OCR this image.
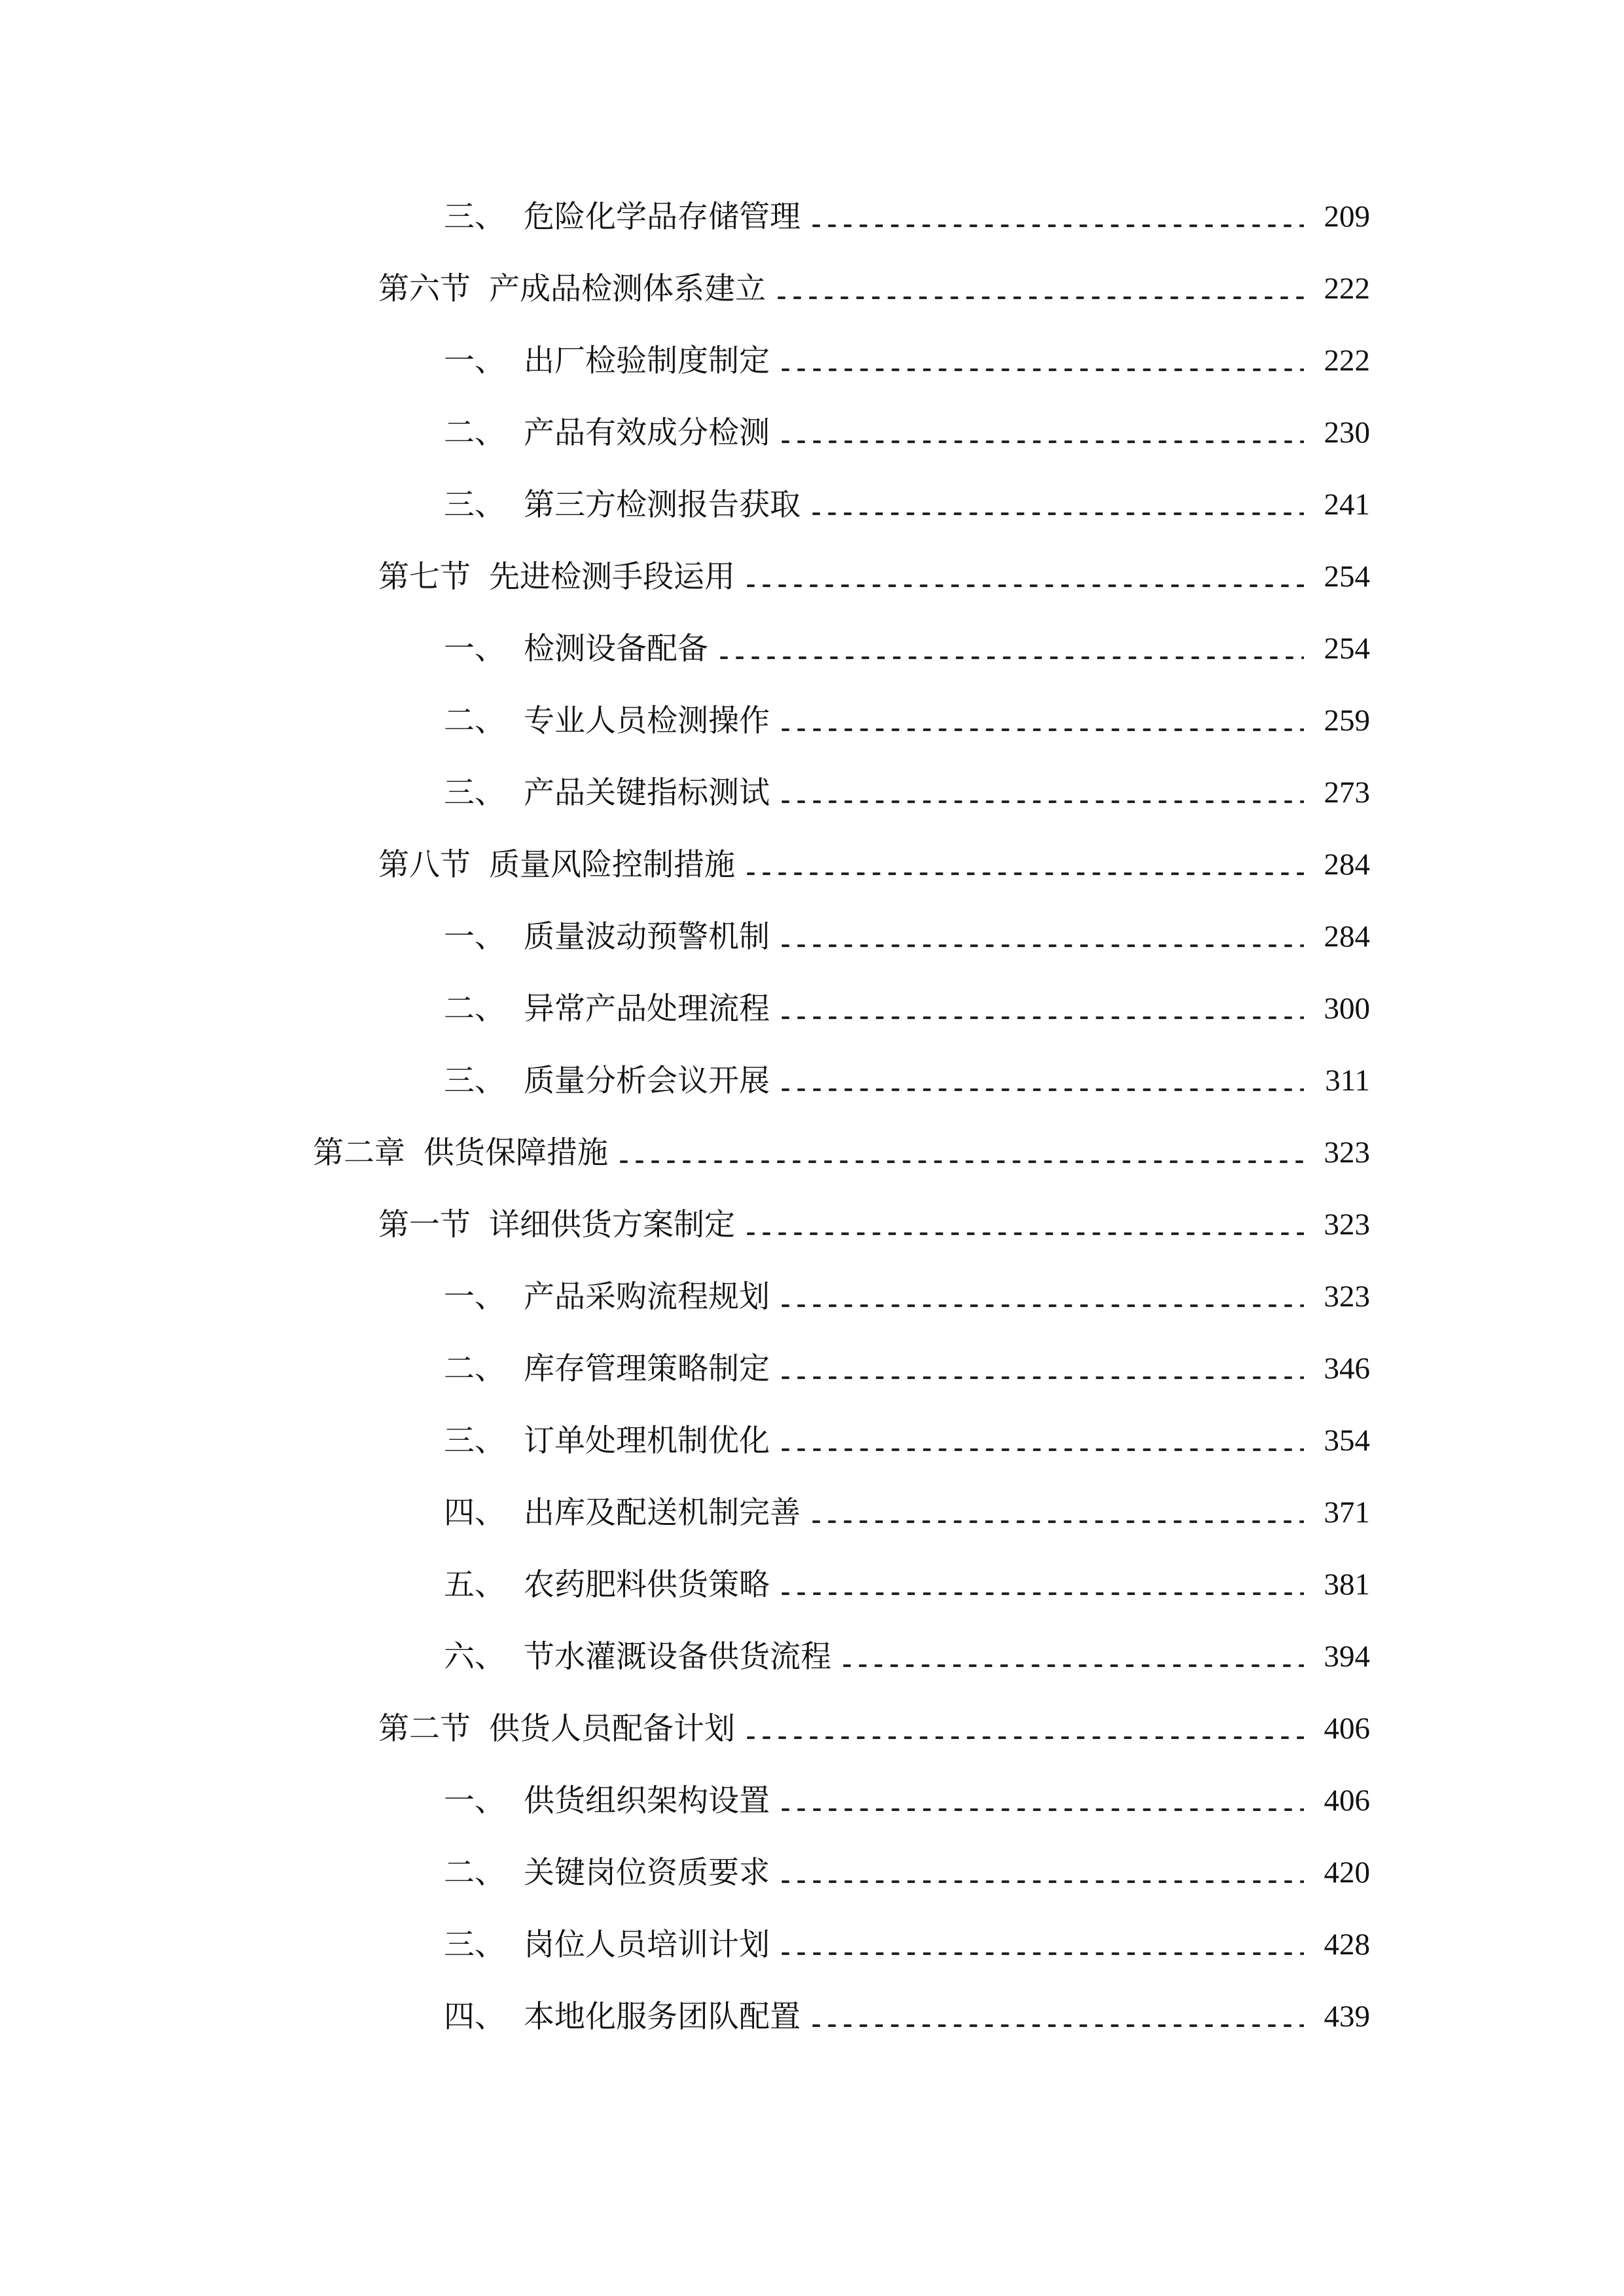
三、 危险化学品存储管理	209
第六节 产成品检测体系建立	222
一、 出厂检验制度制定	222
二、 产品有效成分检测	230
三、 第三方检测报告获取	241
第七节 先进检测手段运用	254
一、 检测设备配备	254
二、 专业人员检测操作	259
三、 产品关键指标测试	273
第八节 质量风险控制措施	284
一、 质量波动预警机制	284
二、 异常产品处理流程	300
三、 质量分析会议开展	311
第二章 供货保障措施	323
第一节 详细供货方案制定	323
一、 产品采购流程规划	323
二、 库存管理策略制定	346
三、 订单处理机制优化	354
四、 出库及配送机制完善	371
五、 农药肥料供货策略	381
六、 节水灌溉设备供货流程	394
第二节 供货人员配备计划	406
一、 供货组织架构设置	406
二、 关键岗位资质要求	420
三、 岗位人员培训计划	428
四、 本地化服务团队配置	439
